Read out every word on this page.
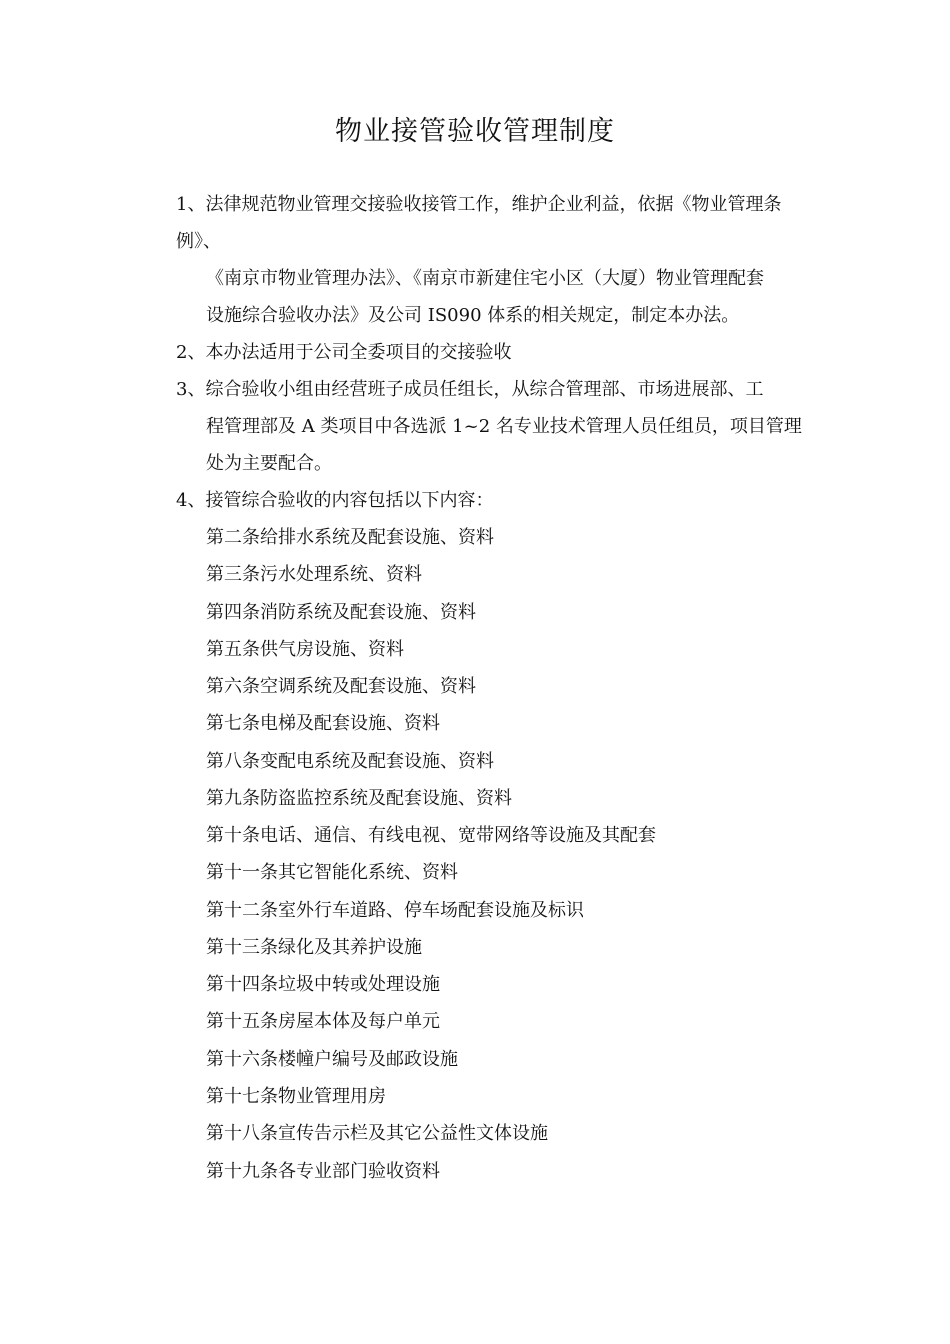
物业接管验收管理制度

1、法律规范物业管理交接验收接管工作，维护企业利益，依据《物业管理条

例》、

《南京市物业管理办法》、《南京市新建住宅小区（大厦）物业管理配套

设施综合验收办法》及公司 IS090 体系的相关规定，制定本办法。

2、本办法适用于公司全委项目的交接验收

3、综合验收小组由经营班子成员任组长，从综合管理部、市场进展部、工

程管理部及 A 类项目中各选派 1~2 名专业技术管理人员任组员，项目管理

处为主要配合。

4、接管综合验收的内容包括以下内容：

第二条给排水系统及配套设施、资料

第三条污水处理系统、资料

第四条消防系统及配套设施、资料

第五条供气房设施、资料

第六条空调系统及配套设施、资料

第七条电梯及配套设施、资料

第八条变配电系统及配套设施、资料

第九条防盗监控系统及配套设施、资料

第十条电话、通信、有线电视、宽带网络等设施及其配套

第十一条其它智能化系统、资料

第十二条室外行车道路、停车场配套设施及标识

第十三条绿化及其养护设施

第十四条垃圾中转或处理设施

第十五条房屋本体及每户单元

第十六条楼幢户编号及邮政设施

第十七条物业管理用房

第十八条宣传告示栏及其它公益性文体设施

第十九条各专业部门验收资料
